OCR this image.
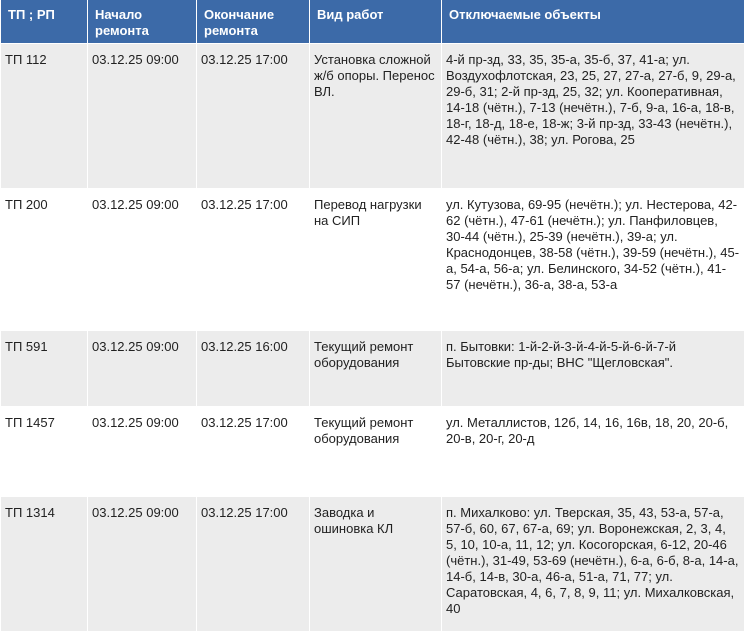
ТП ; РП	Начало ремонта	Окончание ремонта	Вид работ	Отключаемые объекты
ТП 112	03.12.25 09:00	03.12.25 17:00	Установка сложной ж/б опоры. Перенос ВЛ.	4-й пр-зд, 33, 35, 35-а, 35-б, 37, 41-а; ул. Воздухофлотская, 23, 25, 27, 27-а, 27-б, 9, 29-а, 29-б, 31; 2-й пр-зд, 25, 32; ул. Кооперативная, 14-18 (чётн.), 7-13 (нечётн.), 7-б, 9-а, 16-а, 18-в, 18-г, 18-д, 18-е, 18-ж; 3-й пр-зд, 33-43 (нечётн.), 42-48 (чётн.), 38; ул. Рогова, 25
ТП 200	03.12.25 09:00	03.12.25 17:00	Перевод нагрузки на СИП	ул. Кутузова, 69-95 (нечётн.); ул. Нестерова, 42-62 (чётн.), 47-61 (нечётн.); ул. Панфиловцев, 30-44 (чётн.), 25-39 (нечётн.), 39-а; ул. Краснодонцев, 38-58 (чётн.), 39-59 (нечётн.), 45-а, 54-а, 56-а; ул. Белинского, 34-52 (чётн.), 41-57 (нечётн.), 36-а, 38-а, 53-а
ТП 591	03.12.25 09:00	03.12.25 16:00	Текущий ремонт оборудования	п. Бытовки: 1-й-2-й-3-й-4-й-5-й-6-й-7-й Бытовские пр-ды; ВНС "Щегловская".
ТП 1457	03.12.25 09:00	03.12.25 17:00	Текущий ремонт оборудования	ул. Металлистов, 12б, 14, 16, 16в, 18, 20, 20-б, 20-в, 20-г, 20-д
ТП 1314	03.12.25 09:00	03.12.25 17:00	Заводка и ошиновка КЛ	п. Михалково: ул. Тверская, 35, 43, 53-а, 57-а, 57-б, 60, 67, 67-а, 69; ул. Воронежская, 2, 3, 4, 5, 10, 10-а, 11, 12; ул. Косогорская, 6-12, 20-46 (чётн.), 31-49, 53-69 (нечётн.), 6-а, 6-б, 8-а, 14-а, 14-б, 14-в, 30-а, 46-а, 51-а, 71, 77; ул. Саратовская, 4, 6, 7, 8, 9, 11; ул. Михалковская, 40
